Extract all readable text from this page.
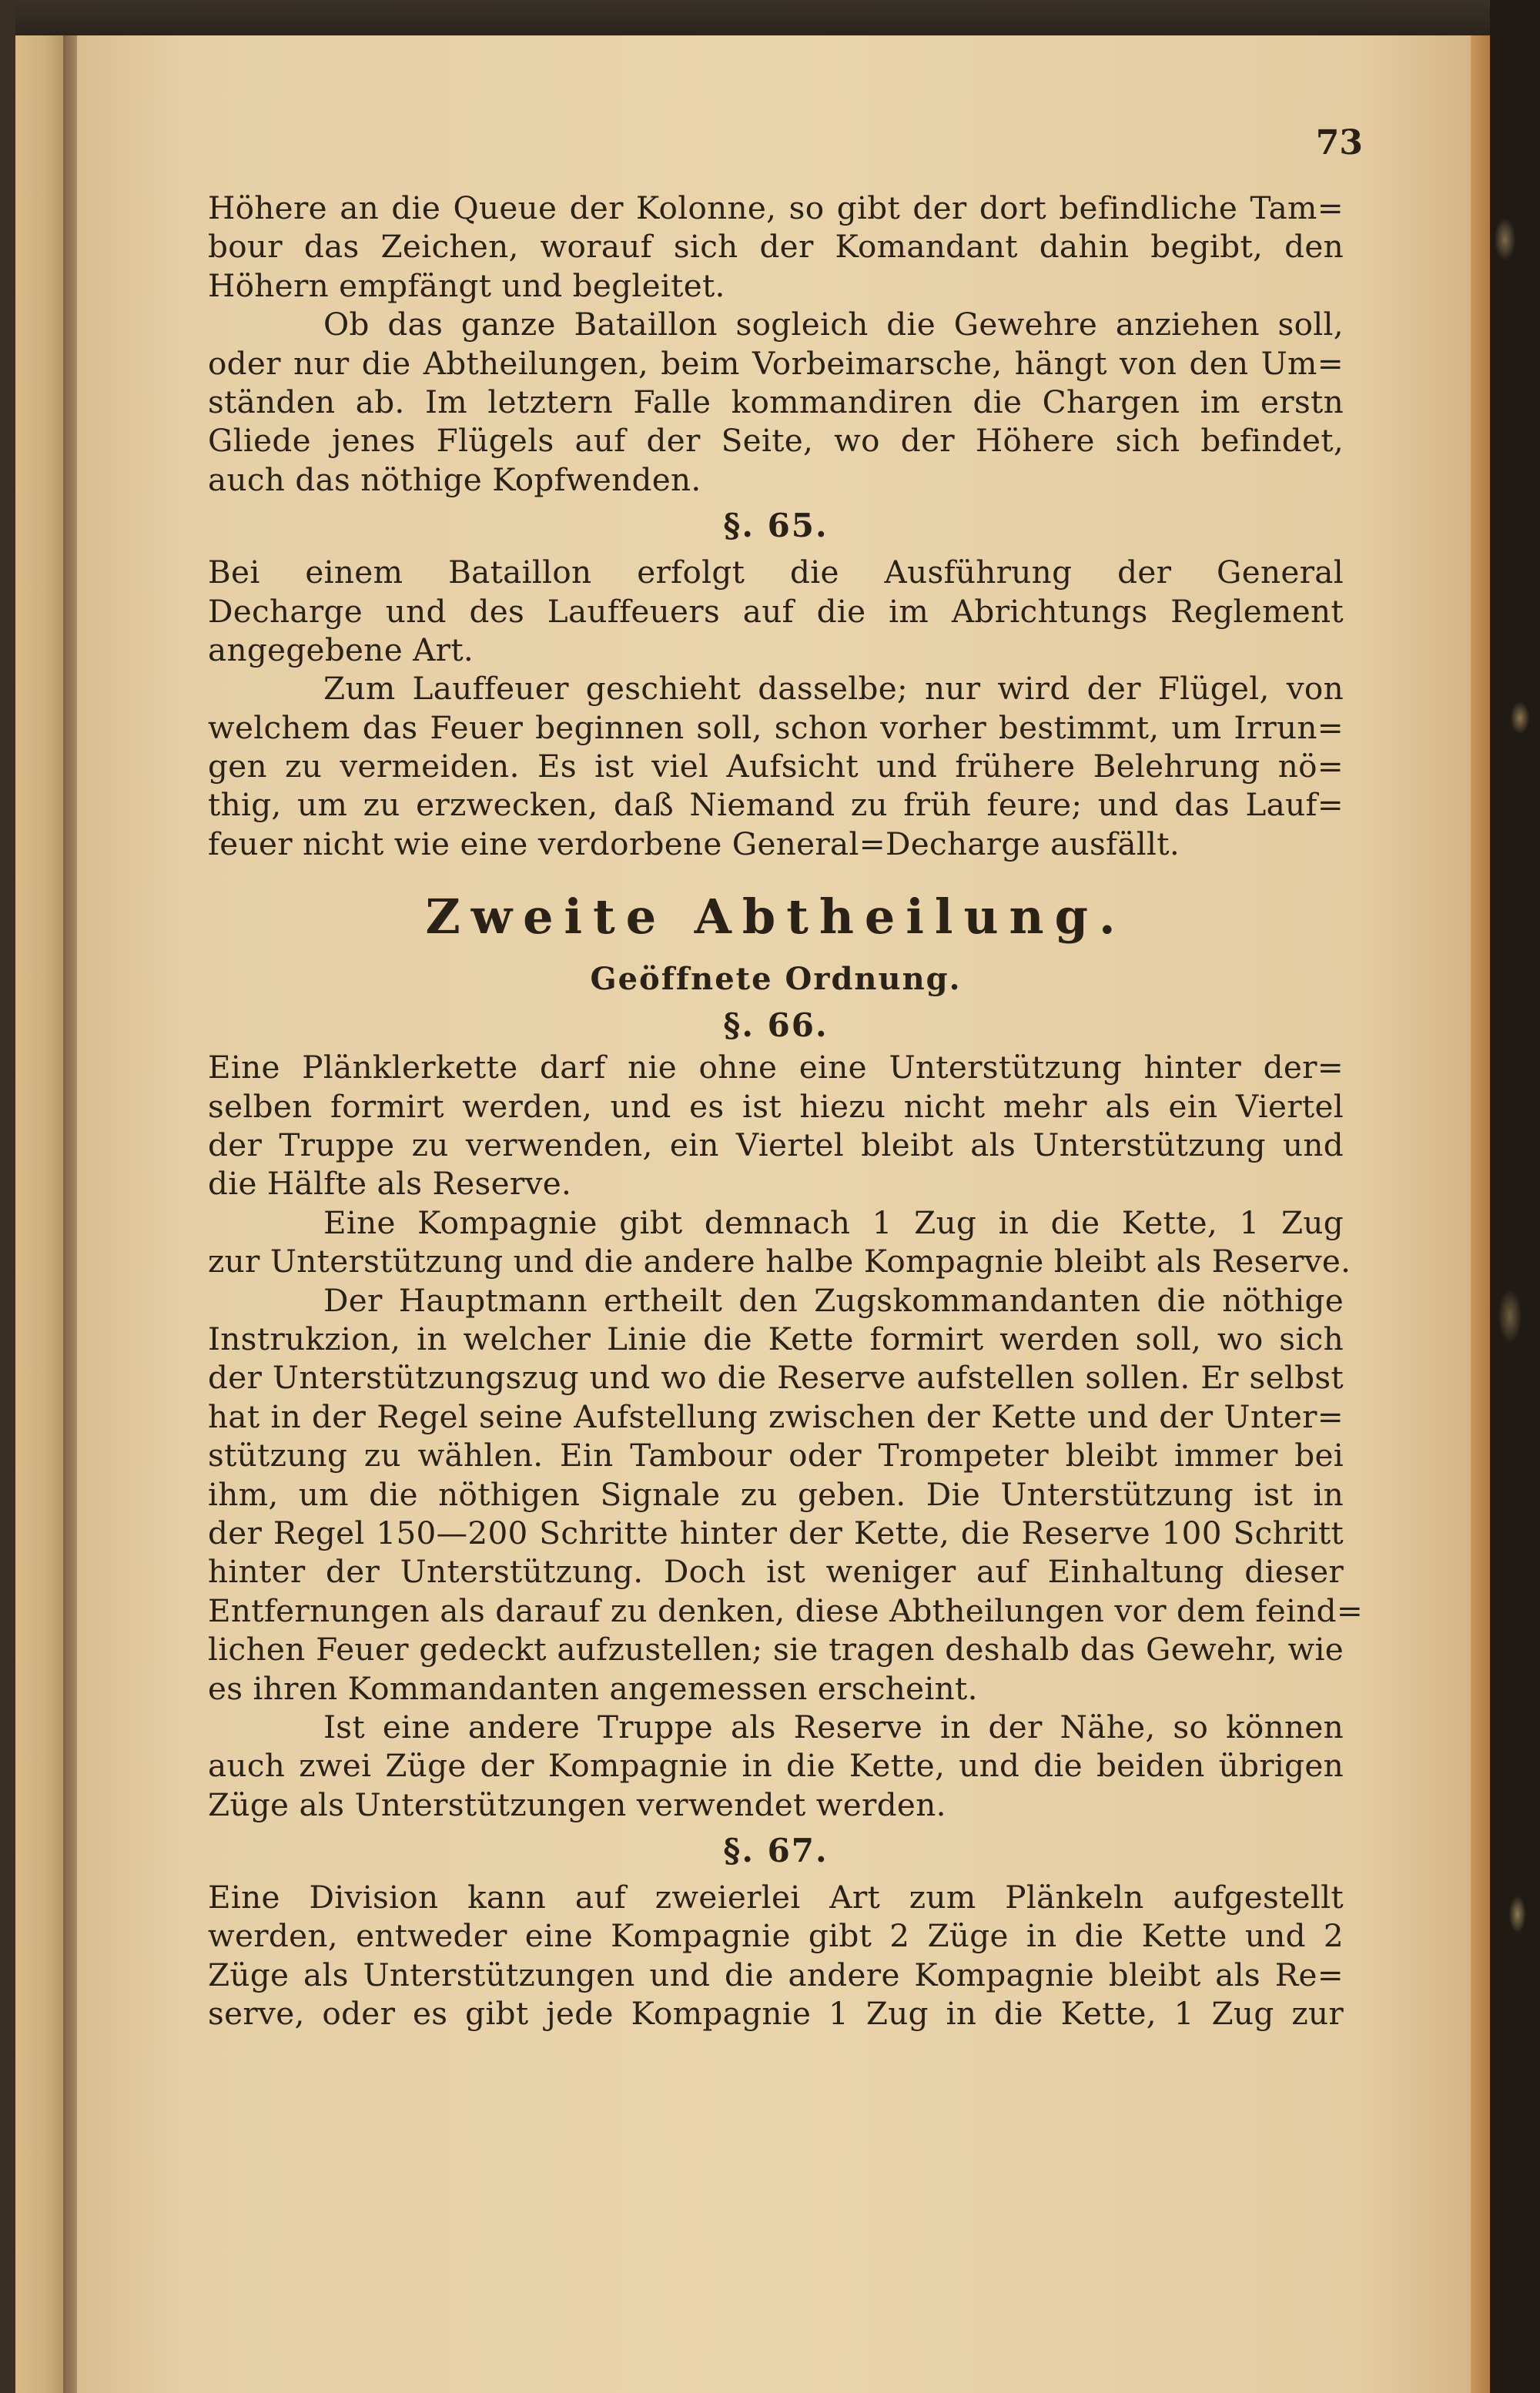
73
Höhere an die Queue der Kolonne, so gibt der dort befindliche Tam=
bour das Zeichen, worauf sich der Komandant dahin begibt, den
Höhern empfängt und begleitet.
Ob das ganze Bataillon sogleich die Gewehre anziehen soll,
oder nur die Abtheilungen, beim Vorbeimarsche, hängt von den Um=
ständen ab. Im letztern Falle kommandiren die Chargen im erstn
Gliede jenes Flügels auf der Seite, wo der Höhere sich befindet,
auch das nöthige Kopfwenden.
§. 65.
Bei einem Bataillon erfolgt die Ausführung der General
Decharge und des Lauffeuers auf die im Abrichtungs Reglement
angegebene Art.
Zum Lauffeuer geschieht dasselbe; nur wird der Flügel, von
welchem das Feuer beginnen soll, schon vorher bestimmt, um Irrun=
gen zu vermeiden. Es ist viel Aufsicht und frühere Belehrung nö=
thig, um zu erzwecken, daß Niemand zu früh feure; und das Lauf=
feuer nicht wie eine verdorbene General=Decharge ausfällt.
Zweite Abtheilung.
Geöffnete Ordnung.
§. 66.
Eine Plänklerkette darf nie ohne eine Unterstützung hinter der=
selben formirt werden, und es ist hiezu nicht mehr als ein Viertel
der Truppe zu verwenden, ein Viertel bleibt als Unterstützung und
die Hälfte als Reserve.
Eine Kompagnie gibt demnach 1 Zug in die Kette, 1 Zug
zur Unterstützung und die andere halbe Kompagnie bleibt als Reserve.
Der Hauptmann ertheilt den Zugskommandanten die nöthige
Instrukzion, in welcher Linie die Kette formirt werden soll, wo sich
der Unterstützungszug und wo die Reserve aufstellen sollen. Er selbst
hat in der Regel seine Aufstellung zwischen der Kette und der Unter=
stützung zu wählen. Ein Tambour oder Trompeter bleibt immer bei
ihm, um die nöthigen Signale zu geben. Die Unterstützung ist in
der Regel 150—200 Schritte hinter der Kette, die Reserve 100 Schritt
hinter der Unterstützung. Doch ist weniger auf Einhaltung dieser
Entfernungen als darauf zu denken, diese Abtheilungen vor dem feind=
lichen Feuer gedeckt aufzustellen; sie tragen deshalb das Gewehr, wie
es ihren Kommandanten angemessen erscheint.
Ist eine andere Truppe als Reserve in der Nähe, so können
auch zwei Züge der Kompagnie in die Kette, und die beiden übrigen
Züge als Unterstützungen verwendet werden.
§. 67.
Eine Division kann auf zweierlei Art zum Plänkeln aufgestellt
werden, entweder eine Kompagnie gibt 2 Züge in die Kette und 2
Züge als Unterstützungen und die andere Kompagnie bleibt als Re=
serve, oder es gibt jede Kompagnie 1 Zug in die Kette, 1 Zug zur
